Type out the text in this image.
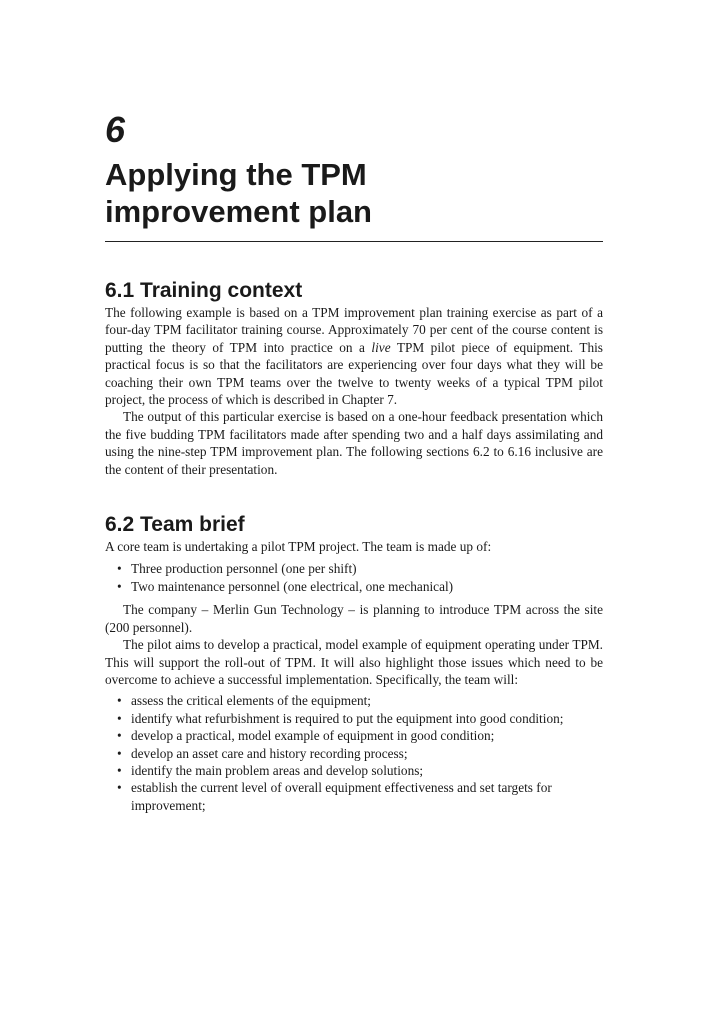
6
Applying the TPM
improvement plan
6.1 Training context

The following example is based on a TPM improvement plan training exercise as part of a four-day TPM facilitator training course. Approximately 70 per cent of the course content is putting the theory of TPM into practice on a live TPM pilot piece of equipment. This practical focus is so that the facilitators are experiencing over four days what they will be coaching their own TPM teams over the twelve to twenty weeks of a typical TPM pilot project, the process of which is described in Chapter 7.

The output of this particular exercise is based on a one-hour feedback presentation which the five budding TPM facilitators made after spending two and a half days assimilating and using the nine-step TPM improvement plan. The following sections 6.2 to 6.16 inclusive are the content of their presentation.

6.2 Team brief

A core team is undertaking a pilot TPM project. The team is made up of:

• Three production personnel (one per shift)
• Two maintenance personnel (one electrical, one mechanical)

The company – Merlin Gun Technology – is planning to introduce TPM across the site (200 personnel).

The pilot aims to develop a practical, model example of equipment operating under TPM. This will support the roll-out of TPM. It will also highlight those issues which need to be overcome to achieve a successful implementation. Specifically, the team will:

• assess the critical elements of the equipment;
• identify what refurbishment is required to put the equipment into good condition;
• develop a practical, model example of equipment in good condition;
• develop an asset care and history recording process;
• identify the main problem areas and develop solutions;
• establish the current level of overall equipment effectiveness and set targets for improvement;
